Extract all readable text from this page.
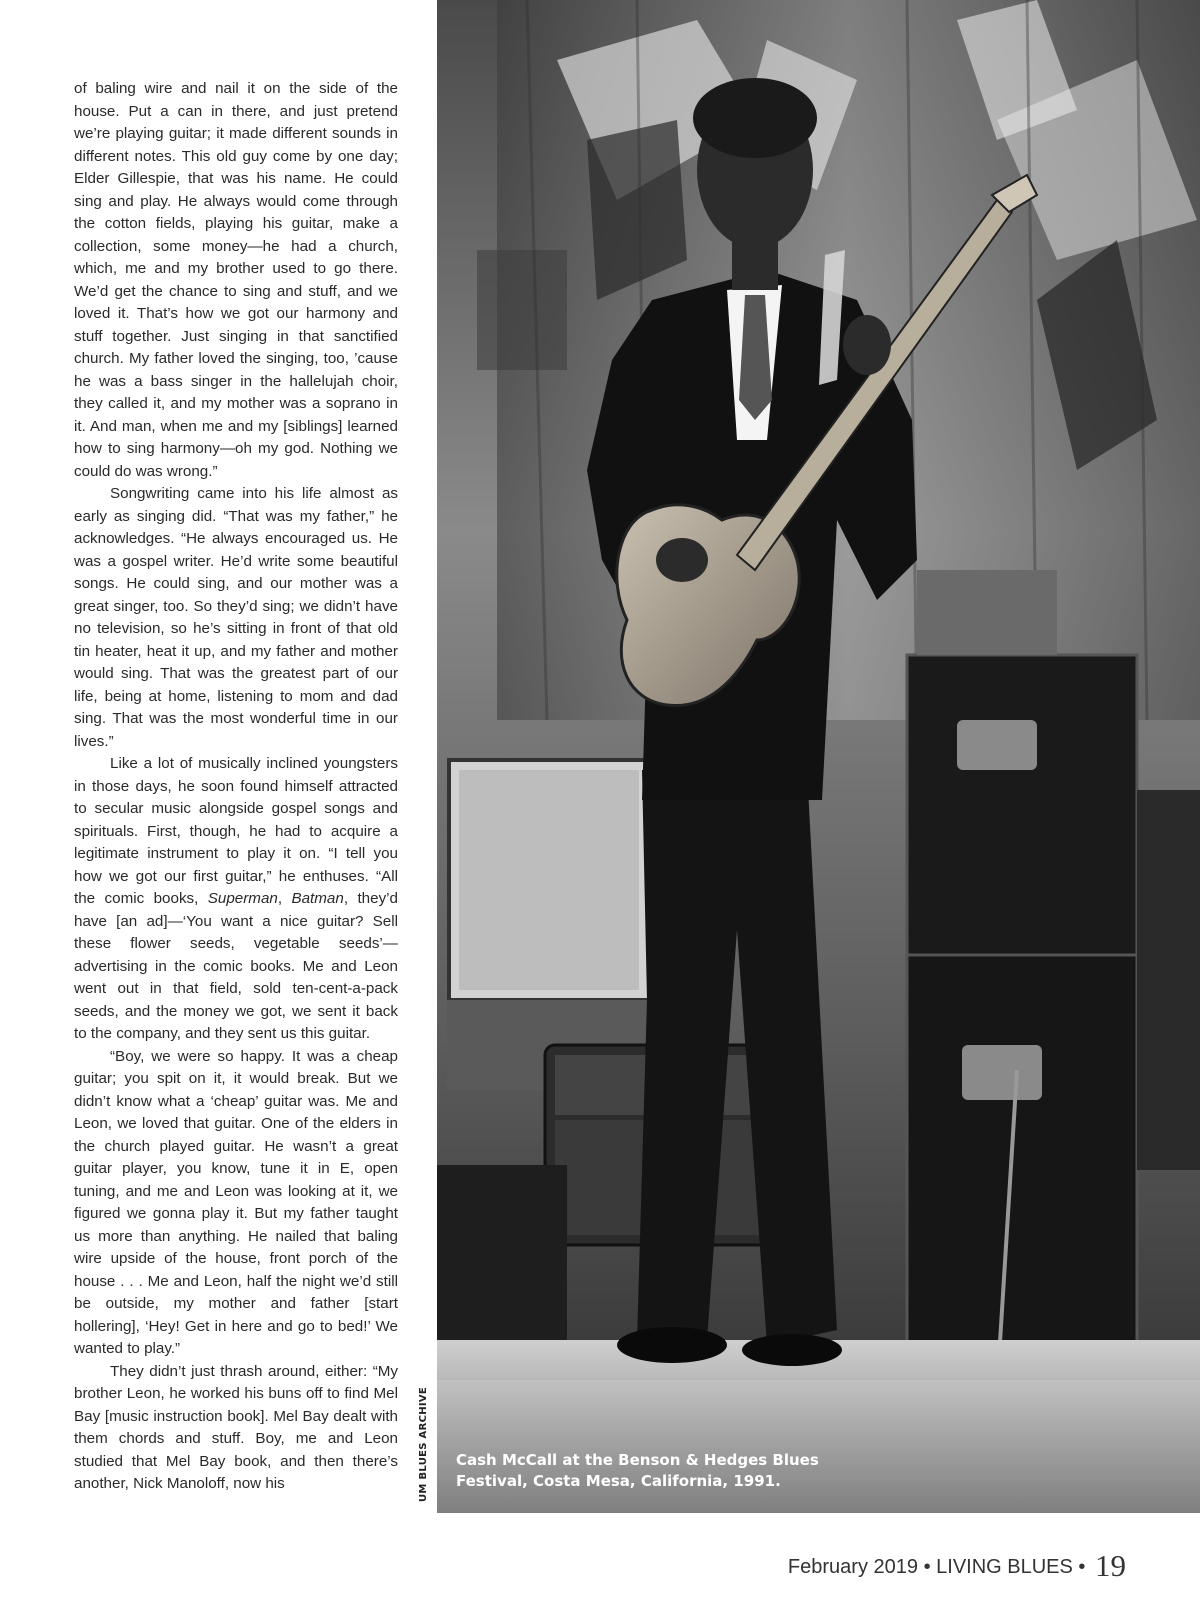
of baling wire and nail it on the side of the house. Put a can in there, and just pretend we’re playing guitar; it made different sounds in different notes. This old guy come by one day; Elder Gillespie, that was his name. He could sing and play. He always would come through the cotton fields, playing his guitar, make a collection, some money—he had a church, which, me and my brother used to go there. We’d get the chance to sing and stuff, and we loved it. That’s how we got our harmony and stuff together. Just singing in that sanctified church. My father loved the singing, too, ’cause he was a bass singer in the hallelujah choir, they called it, and my mother was a soprano in it. And man, when me and my [siblings] learned how to sing harmony—oh my god. Nothing we could do was wrong.”

Songwriting came into his life almost as early as singing did. “That was my father,” he acknowledges. “He always encouraged us. He was a gospel writer. He’d write some beautiful songs. He could sing, and our mother was a great singer, too. So they’d sing; we didn’t have no television, so he’s sitting in front of that old tin heater, heat it up, and my father and mother would sing. That was the greatest part of our life, being at home, listening to mom and dad sing. That was the most wonderful time in our lives.”

Like a lot of musically inclined youngsters in those days, he soon found himself attracted to secular music alongside gospel songs and spirituals. First, though, he had to acquire a legitimate instrument to play it on. “I tell you how we got our first guitar,” he enthuses. “All the comic books, Superman, Batman, they’d have [an ad]—‘You want a nice guitar? Sell these flower seeds, vegetable seeds’—advertising in the comic books. Me and Leon went out in that field, sold ten-cent-a-pack seeds, and the money we got, we sent it back to the company, and they sent us this guitar.

“Boy, we were so happy. It was a cheap guitar; you spit on it, it would break. But we didn’t know what a ‘cheap’ guitar was. Me and Leon, we loved that guitar. One of the elders in the church played guitar. He wasn’t a great guitar player, you know, tune it in E, open tuning, and me and Leon was looking at it, we figured we gonna play it. But my father taught us more than anything. He nailed that baling wire upside of the house, front porch of the house . . . Me and Leon, half the night we’d still be outside, my mother and father [start hollering], ‘Hey! Get in here and go to bed!’ We wanted to play.”

They didn’t just thrash around, either: “My brother Leon, he worked his buns off to find Mel Bay [music instruction book]. Mel Bay dealt with them chords and stuff. Boy, me and Leon studied that Mel Bay book, and then there’s another, Nick Manoloff, now his

Cash McCall at the Benson & Hedges Blues
Festival, Costa Mesa, California, 1991.
UM BLUES ARCHIVE
February 2019 • LIVING BLUES • 19
